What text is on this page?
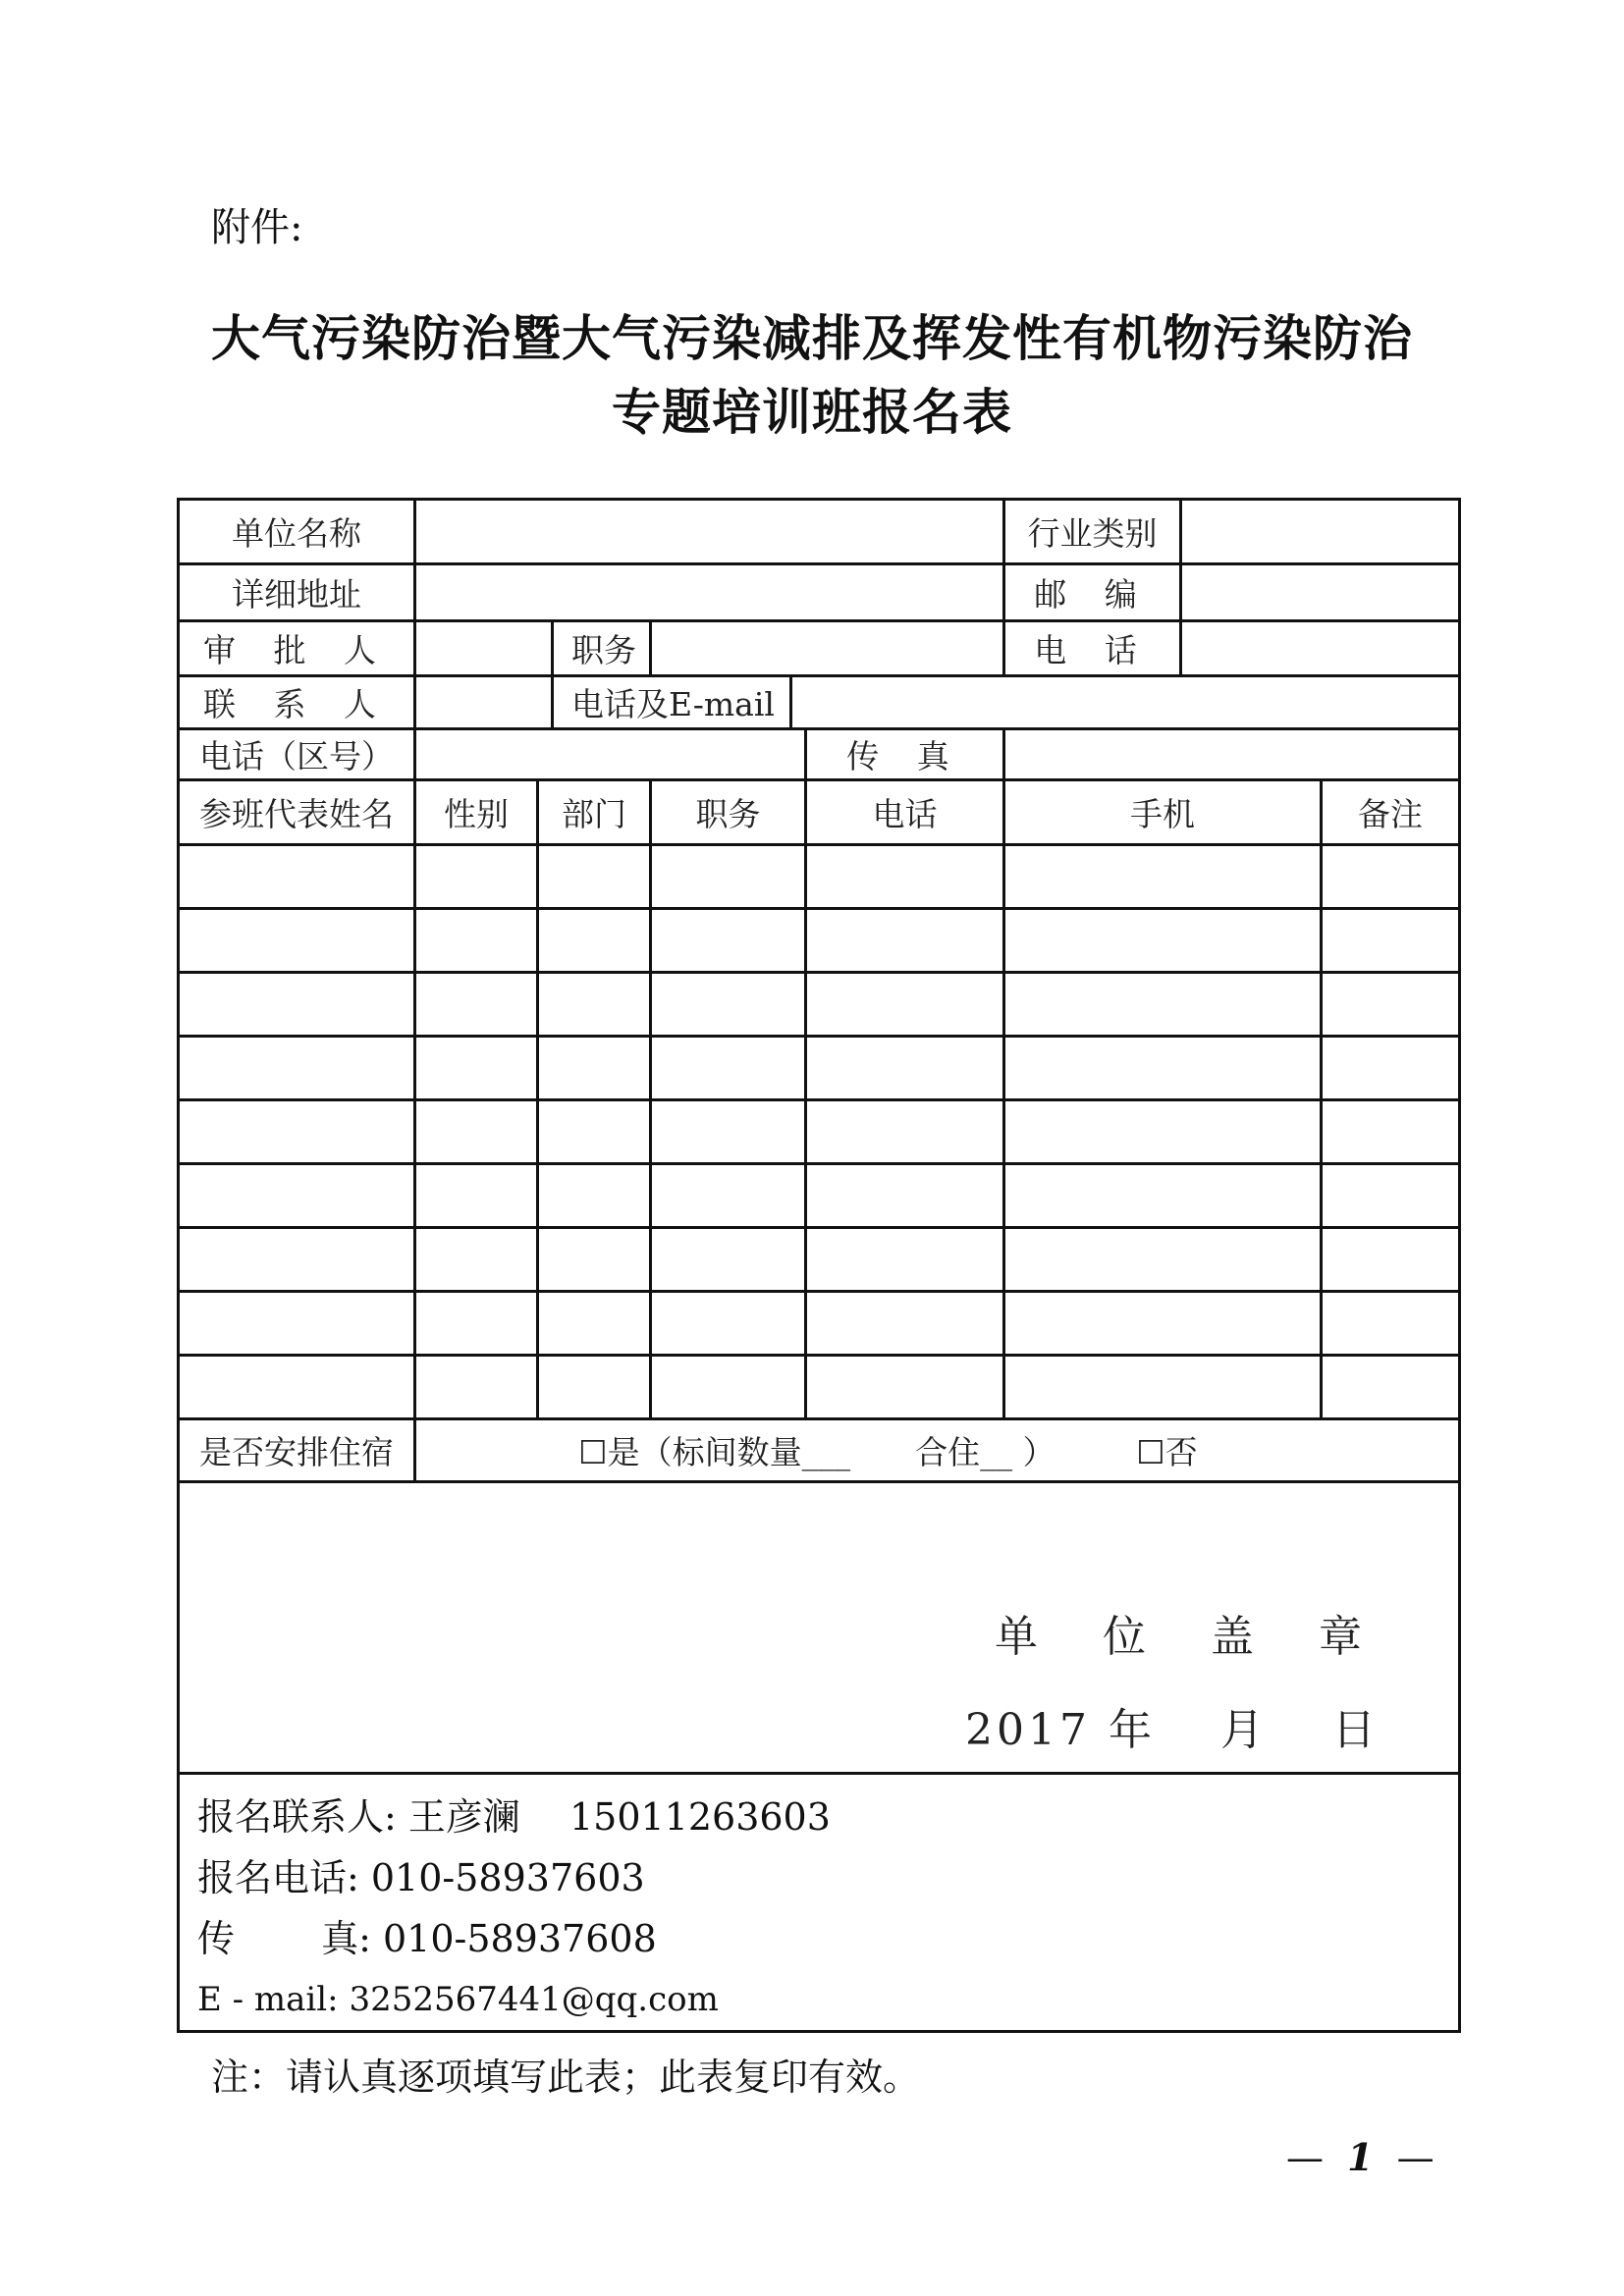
附件:
大气污染防治暨大气污染减排及挥发性有机物污染防治
专题培训班报名表
单位名称							行业类别		
详细地址							邮 编		
审 批 人			职务				电 话		
联 系 人			电话及E-mail						
电话（区号）						传 真			
参班代表姓名	性别	部门		职务		电话	手机		备注

是否安排住宿	☐是（标间数量___　　合住__ ）　　　☐否								

单 位 盖 章
2017 年　 月　 日									

报名联系人: 王彦澜　 15011263603
报名电话: 010-58937603
传　　 真: 010-58937608
E - mail: 3252567441@qq.com									
注：请认真逐项填写此表；此表复印有效。
— 1 —
